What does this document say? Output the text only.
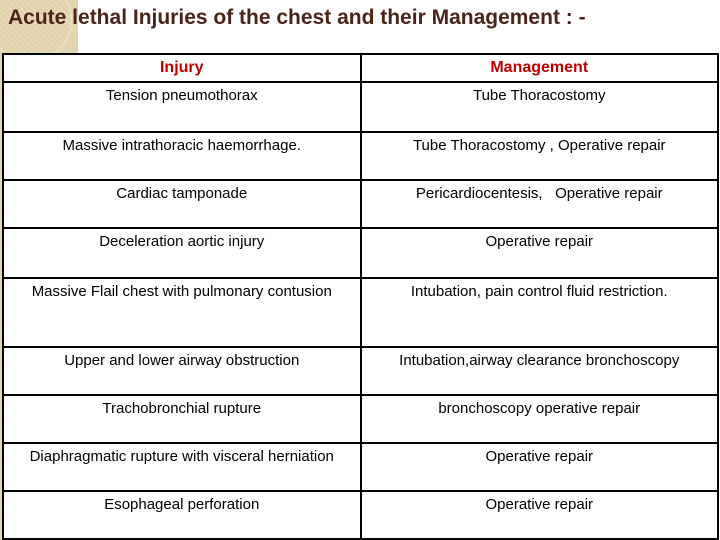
Acute lethal Injuries of the chest and their Management : -
Injury	Management
Tension pneumothorax	Tube Thoracostomy
Massive intrathoracic haemorrhage.	Tube Thoracostomy , Operative repair
Cardiac tamponade	Pericardiocentesis,   Operative repair
Deceleration aortic injury	Operative repair
Massive Flail chest with pulmonary contusion	Intubation, pain control fluid restriction.
Upper and lower airway obstruction	Intubation,airway clearance bronchoscopy
Trachobronchial rupture	bronchoscopy operative repair
Diaphragmatic rupture with visceral herniation	Operative repair
Esophageal perforation	Operative repair
